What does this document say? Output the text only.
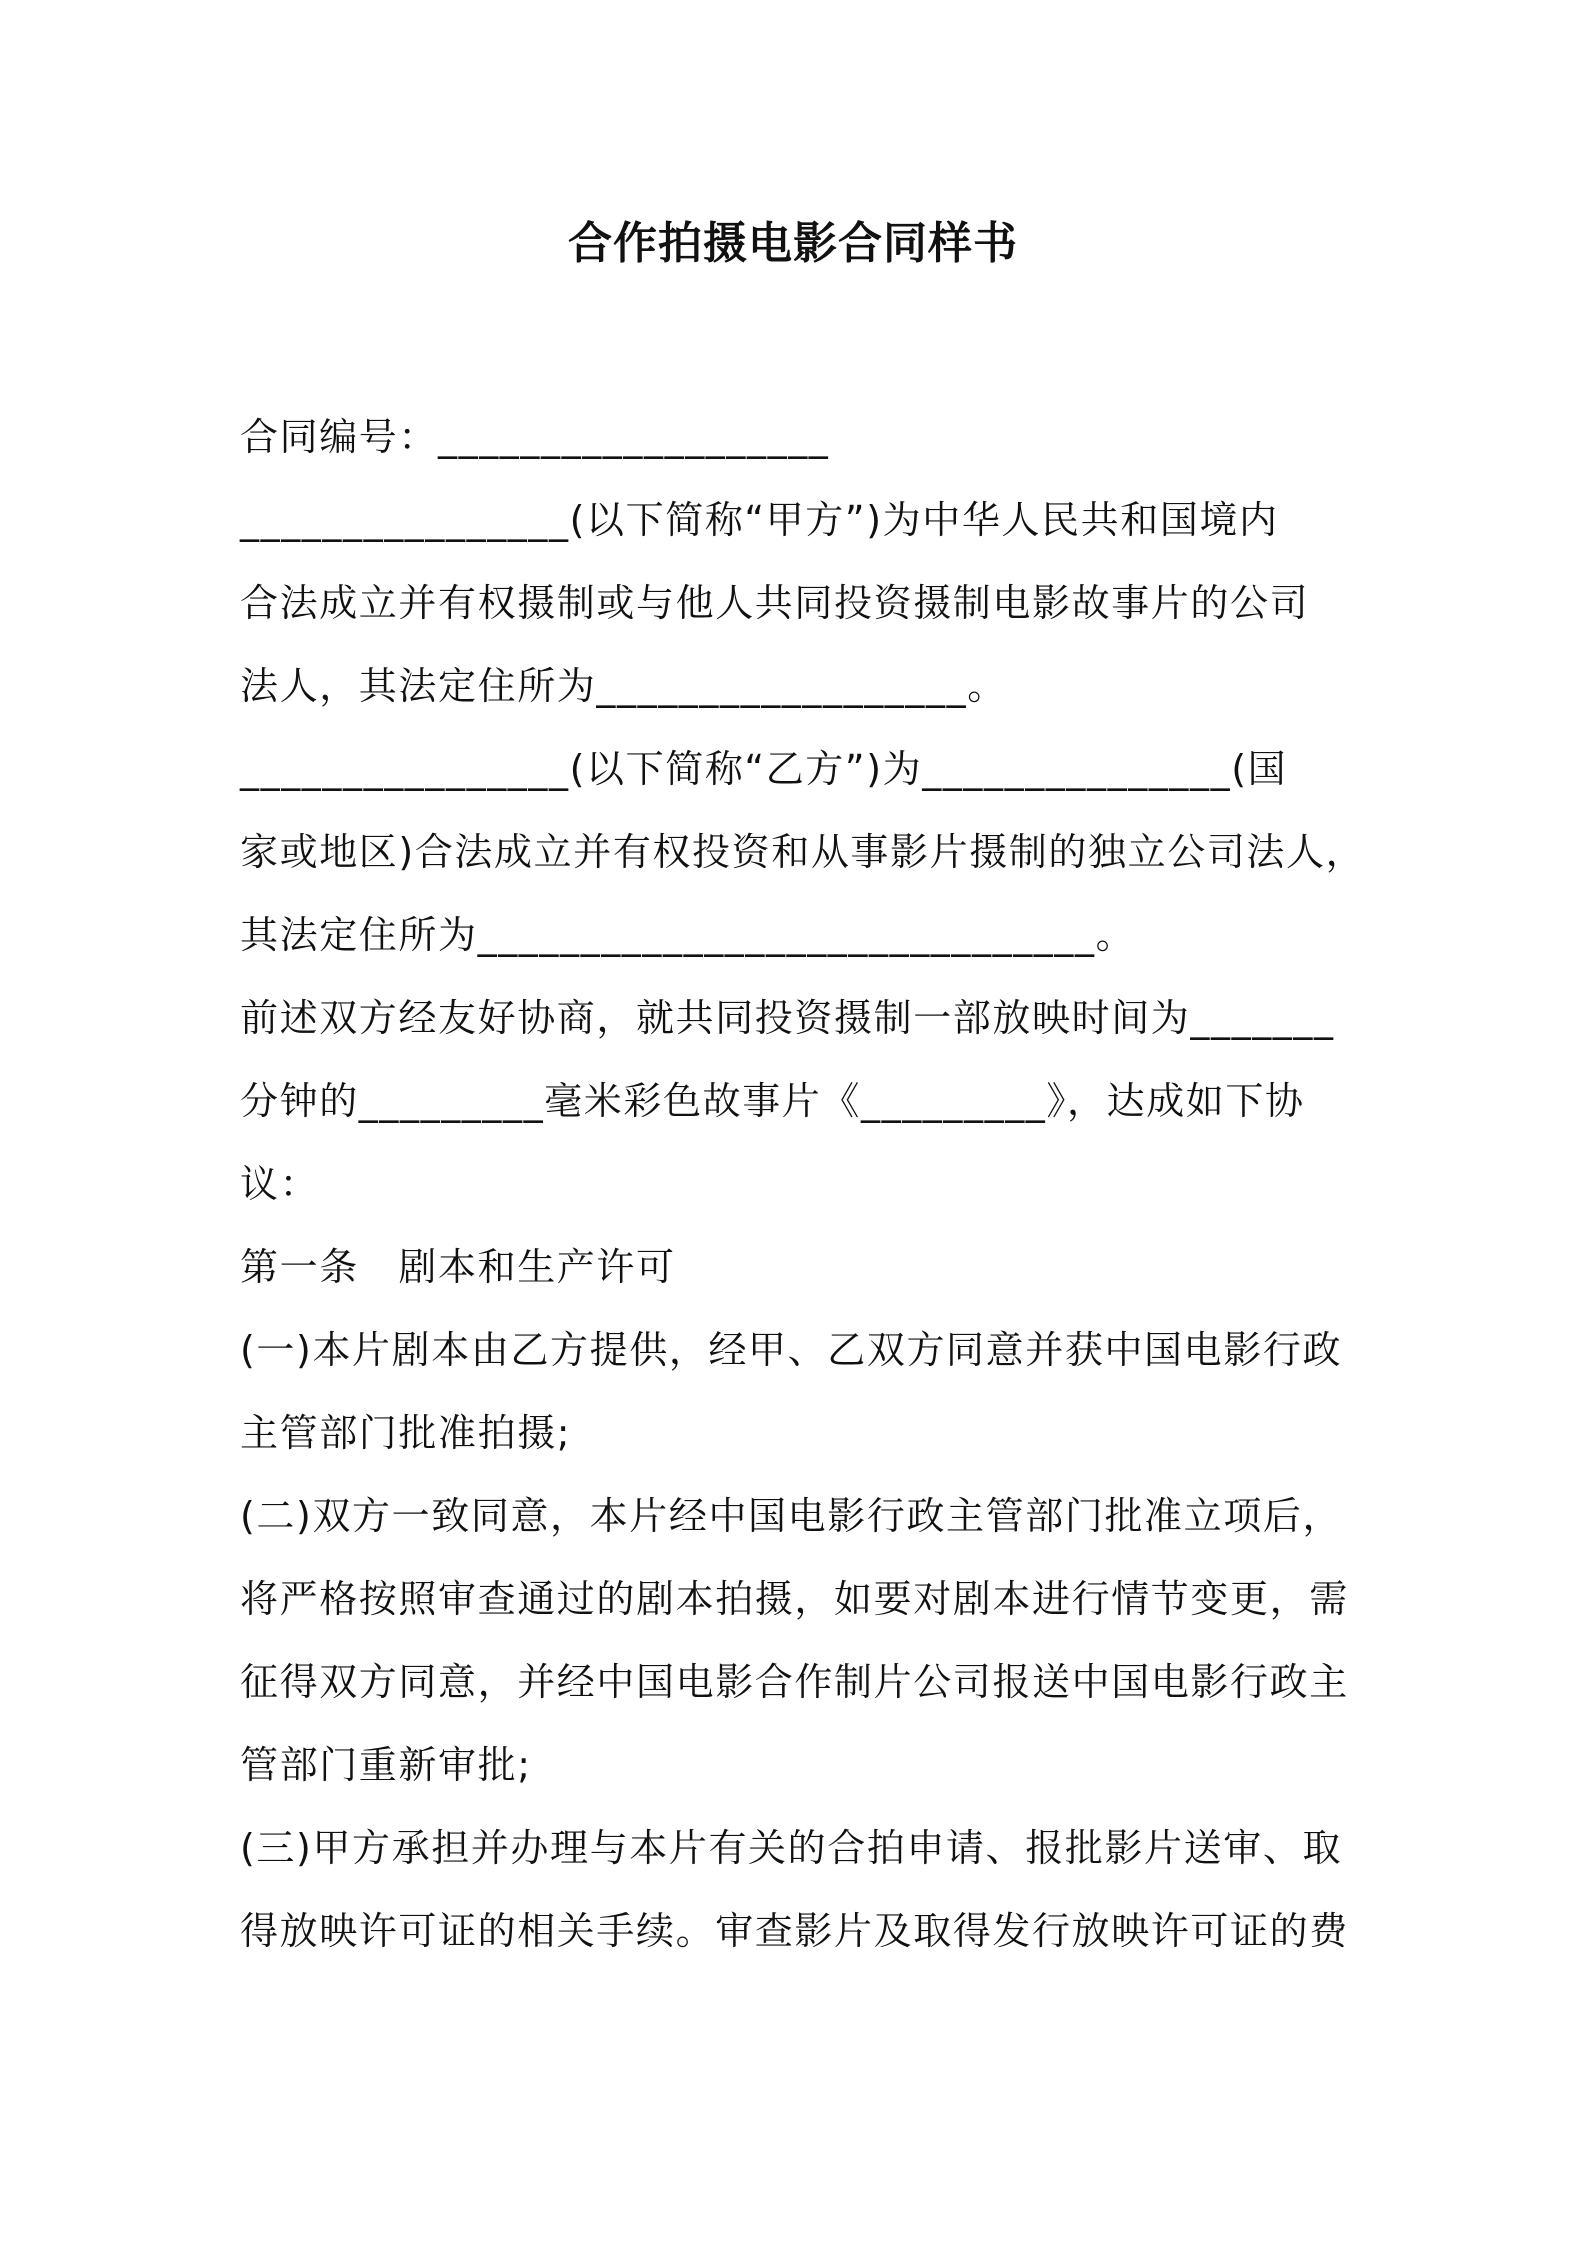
合作拍摄电影合同样书
合同编号：___________________
________________(以下简称“甲方”)为中华人民共和国境内
合法成立并有权摄制或与他人共同投资摄制电影故事片的公司
法人，其法定住所为__________________。
________________(以下简称“乙方”)为_______________(国
家或地区)合法成立并有权投资和从事影片摄制的独立公司法人，
其法定住所为______________________________。
前述双方经友好协商，就共同投资摄制一部放映时间为_______
分钟的_________毫米彩色故事片《_________》，达成如下协
议：
第一条　剧本和生产许可
(一)本片剧本由乙方提供，经甲、乙双方同意并获中国电影行政
主管部门批准拍摄;
(二)双方一致同意，本片经中国电影行政主管部门批准立项后，
将严格按照审查通过的剧本拍摄，如要对剧本进行情节变更，需
征得双方同意，并经中国电影合作制片公司报送中国电影行政主
管部门重新审批;
(三)甲方承担并办理与本片有关的合拍申请、报批影片送审、取
得放映许可证的相关手续。审查影片及取得发行放映许可证的费
